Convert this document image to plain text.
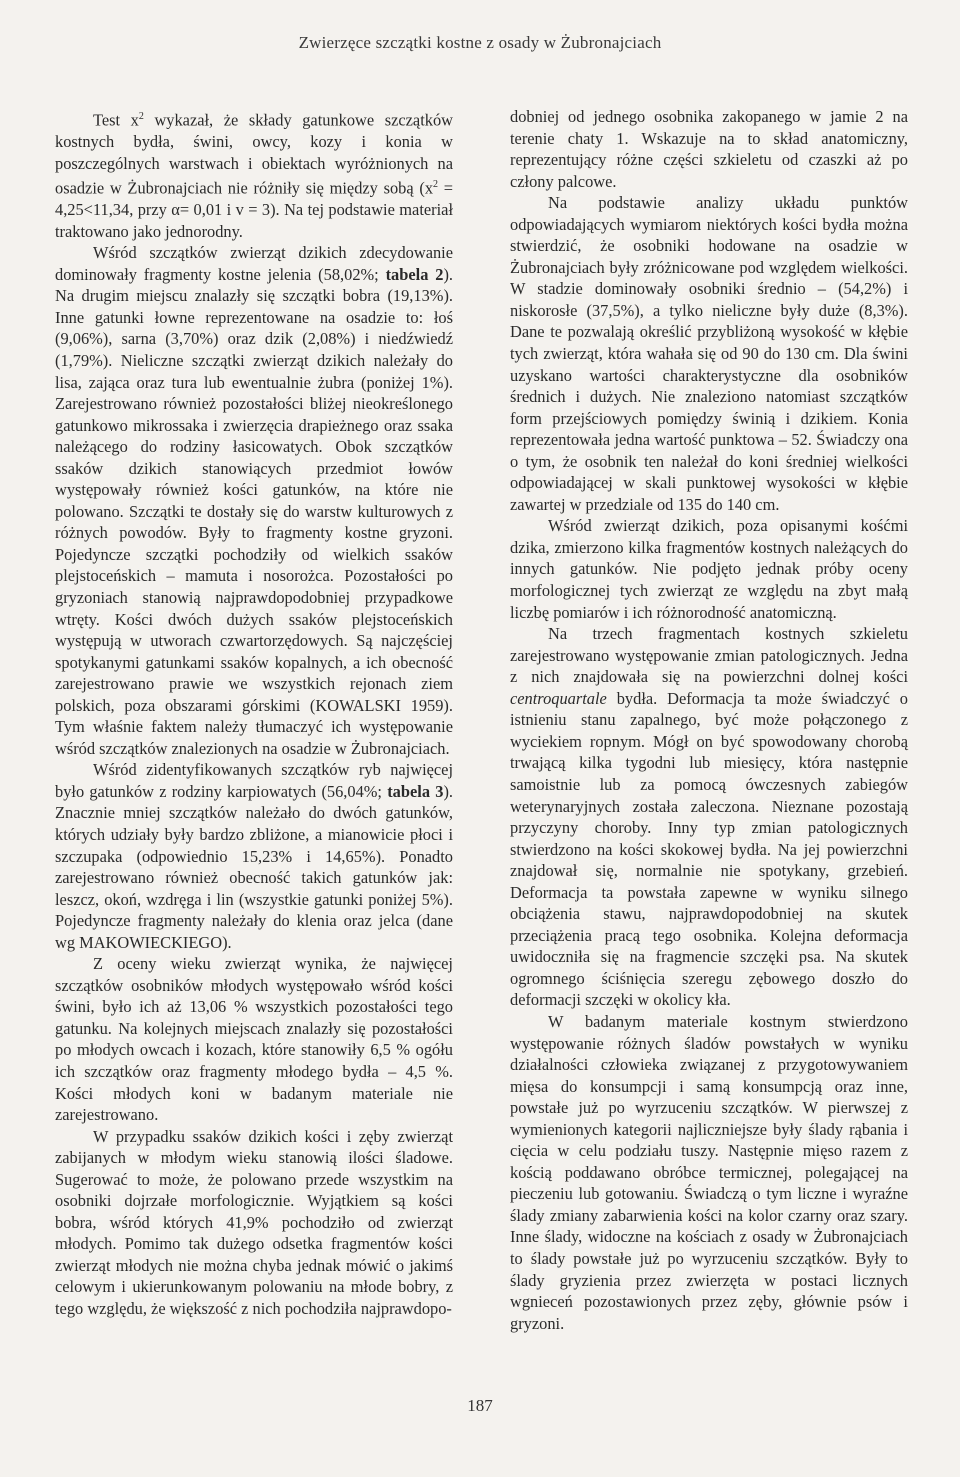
Zwierzęce szczątki kostne z osady w Żubronajciach

Test $x^2$ wykazał, że składy gatunkowe szczątków kostnych bydła, świni, owcy, kozy i konia w poszczególnych warstwach i obiektach wyróżnionych na osadzie w Żubronajciach nie różniły się między sobą ($x^2 = 4,25<11,34$, przy α= 0,01 i v = 3). Na tej podstawie materiał traktowano jako jednorodny.

Wśród szczątków zwierząt dzikich zdecydowanie dominowały fragmenty kostne jelenia (58,02%; tabela 2). Na drugim miejscu znalazły się szczątki bobra (19,13%). Inne gatunki łowne reprezentowane na osadzie to: łoś (9,06%), sarna (3,70%) oraz dzik (2,08%) i niedźwiedź (1,79%). Nieliczne szczątki zwierząt dzikich należały do lisa, zająca oraz tura lub ewentualnie żubra (poniżej 1%). Zarejestrowano również pozostałości bliżej nieokreślonego gatunkowo mikrossaka i zwierzęcia drapieżnego oraz ssaka należącego do rodziny łasicowatych. Obok szczątków ssaków dzikich stanowiących przedmiot łowów występowały również kości gatunków, na które nie polowano. Szczątki te dostały się do warstw kulturowych z różnych powodów. Były to fragmenty kostne gryzoni. Pojedyncze szczątki pochodziły od wielkich ssaków plejstoceńskich – mamuta i nosorożca. Pozostałości po gryzoniach stanowią najprawdopodobniej przypadkowe wtręty. Kości dwóch dużych ssaków plejstoceńskich występują w utworach czwartorzędowych. Są najczęściej spotykanymi gatunkami ssaków kopalnych, a ich obecność zarejestrowano prawie we wszystkich rejonach ziem polskich, poza obszarami górskimi (KOWALSKI 1959). Tym właśnie faktem należy tłumaczyć ich występowanie wśród szczątków znalezionych na osadzie w Żubronajciach.

Wśród zidentyfikowanych szczątków ryb najwięcej było gatunków z rodziny karpiowatych (56,04%; tabela 3). Znacznie mniej szczątków należało do dwóch gatunków, których udziały były bardzo zbliżone, a mianowicie płoci i szczupaka (odpowiednio 15,23% i 14,65%). Ponadto zarejestrowano również obecność takich gatunków jak: leszcz, okoń, wzdręga i lin (wszystkie gatunki poniżej 5%). Pojedyncze fragmenty należały do klenia oraz jelca (dane wg MAKOWIECKIEGO).

Z oceny wieku zwierząt wynika, że najwięcej szczątków osobników młodych występowało wśród kości świni, było ich aż 13,06 % wszystkich pozostałości tego gatunku. Na kolejnych miejscach znalazły się pozostałości po młodych owcach i kozach, które stanowiły 6,5 % ogółu ich szczątków oraz fragmenty młodego bydła – 4,5 %. Kości młodych koni w badanym materiale nie zarejestrowano.

W przypadku ssaków dzikich kości i zęby zwierząt zabijanych w młodym wieku stanowią ilości śladowe. Sugerować to może, że polowano przede wszystkim na osobniki dojrzałe morfologicznie. Wyjątkiem są kości bobra, wśród których 41,9% pochodziło od zwierząt młodych. Pomimo tak dużego odsetka fragmentów kości zwierząt młodych nie można chyba jednak mówić o jakimś celowym i ukierunkowanym polowaniu na młode bobry, z tego względu, że większość z nich pochodziła najprawdopo-

dobniej od jednego osobnika zakopanego w jamie 2 na terenie chaty 1. Wskazuje na to skład anatomiczny, reprezentujący różne części szkieletu od czaszki aż po człony palcowe.

Na podstawie analizy układu punktów odpowiadających wymiarom niektórych kości bydła można stwierdzić, że osobniki hodowane na osadzie w Żubronajciach były zróżnicowane pod względem wielkości. W stadzie dominowały osobniki średnio – (54,2%) i niskorosłe (37,5%), a tylko nieliczne były duże (8,3%). Dane te pozwalają określić przybliżoną wysokość w kłębie tych zwierząt, która wahała się od 90 do 130 cm. Dla świni uzyskano wartości charakterystyczne dla osobników średnich i dużych. Nie znaleziono natomiast szczątków form przejściowych pomiędzy świnią i dzikiem. Konia reprezentowała jedna wartość punktowa – 52. Świadczy ona o tym, że osobnik ten należał do koni średniej wielkości odpowiadającej w skali punktowej wysokości w kłębie zawartej w przedziale od 135 do 140 cm.

Wśród zwierząt dzikich, poza opisanymi kośćmi dzika, zmierzono kilka fragmentów kostnych należących do innych gatunków. Nie podjęto jednak próby oceny morfologicznej tych zwierząt ze względu na zbyt małą liczbę pomiarów i ich różnorodność anatomiczną.

Na trzech fragmentach kostnych szkieletu zarejestrowano występowanie zmian patologicznych. Jedna z nich znajdowała się na powierzchni dolnej kości centroquartale bydła. Deformacja ta może świadczyć o istnieniu stanu zapalnego, być może połączonego z wyciekiem ropnym. Mógł on być spowodowany chorobą trwającą kilka tygodni lub miesięcy, która następnie samoistnie lub za pomocą ówczesnych zabiegów weterynaryjnych została zaleczona. Nieznane pozostają przyczyny choroby. Inny typ zmian patologicznych stwierdzono na kości skokowej bydła. Na jej powierzchni znajdował się, normalnie nie spotykany, grzebień. Deformacja ta powstała zapewne w wyniku silnego obciążenia stawu, najprawdopodobniej na skutek przeciążenia pracą tego osobnika. Kolejna deformacja uwidoczniła się na fragmencie szczęki psa. Na skutek ogromnego ściśnięcia szeregu zębowego doszło do deformacji szczęki w okolicy kła.

W badanym materiale kostnym stwierdzono występowanie różnych śladów powstałych w wyniku działalności człowieka związanej z przygotowywaniem mięsa do konsumpcji i samą konsumpcją oraz inne, powstałe już po wyrzuceniu szczątków. W pierwszej z wymienionych kategorii najliczniejsze były ślady rąbania i cięcia w celu podziału tuszy. Następnie mięso razem z kością poddawano obróbce termicznej, polegającej na pieczeniu lub gotowaniu. Świadczą o tym liczne i wyraźne ślady zmiany zabarwienia kości na kolor czarny oraz szary. Inne ślady, widoczne na kościach z osady w Żubronajciach to ślady powstałe już po wyrzuceniu szczątków. Były to ślady gryzienia przez zwierzęta w postaci licznych wgnieceń pozostawionych przez zęby, głównie psów i gryzoni.

187
